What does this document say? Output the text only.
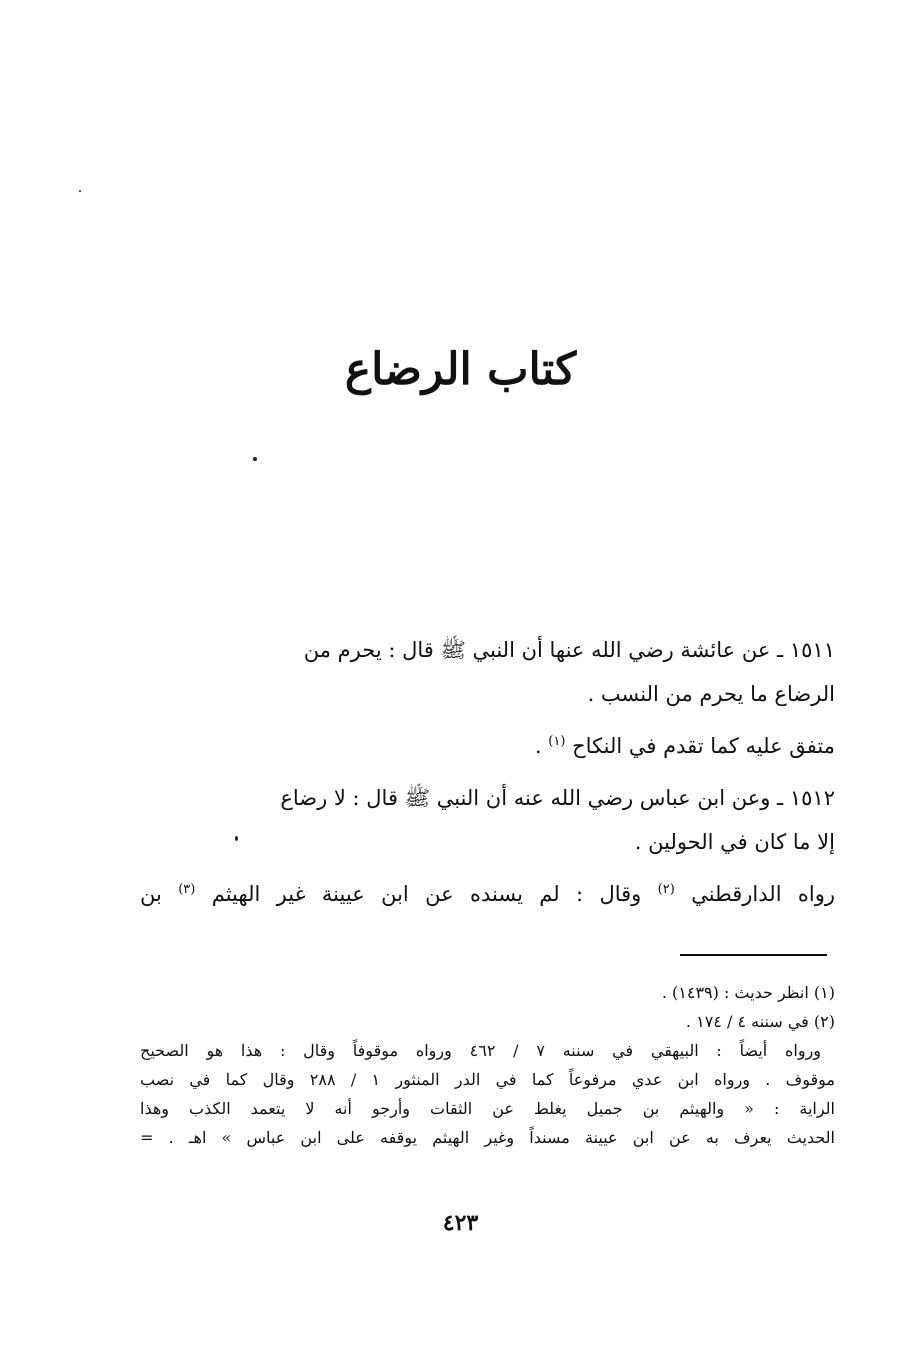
كتاب الرضاع

١٥١١ ـ عن عائشة رضي الله عنها أن النبي ﷺ قال : يحرم من
الرضاع ما يحرم من النسب .

متفق عليه كما تقدم في النكاح $^{(١)}$ .

١٥١٢ ـ وعن ابن عباس رضي الله عنه أن النبي ﷺ قال : لا رضاع
إلا ما كان في الحولين .

رواه الدارقطني $^{(٢)}$ وقال : لم يسنده عن ابن عيينة غير الهيثم $^{(٣)}$ بن

(١) انظر حديث : (١٤٣٩) .

(٢) في سننه ٤ / ١٧٤ .

ورواه أيضاً : البيهقي في سننه ٧ / ٤٦٢ ورواه موقوفاً وقال : هذا هو الصحيح

موقوف . ورواه ابن عدي مرفوعاً كما في الدر المنثور ١ / ٢٨٨ وقال كما في نصب

الراية : « والهيثم بن جميل يغلط عن الثقات وأرجو أنه لا يتعمد الكذب وهذا

الحديث يعرف به عن ابن عيينة مسنداً وغير الهيثم يوقفه على ابن عباس » اهـ . =

٤٢٣
